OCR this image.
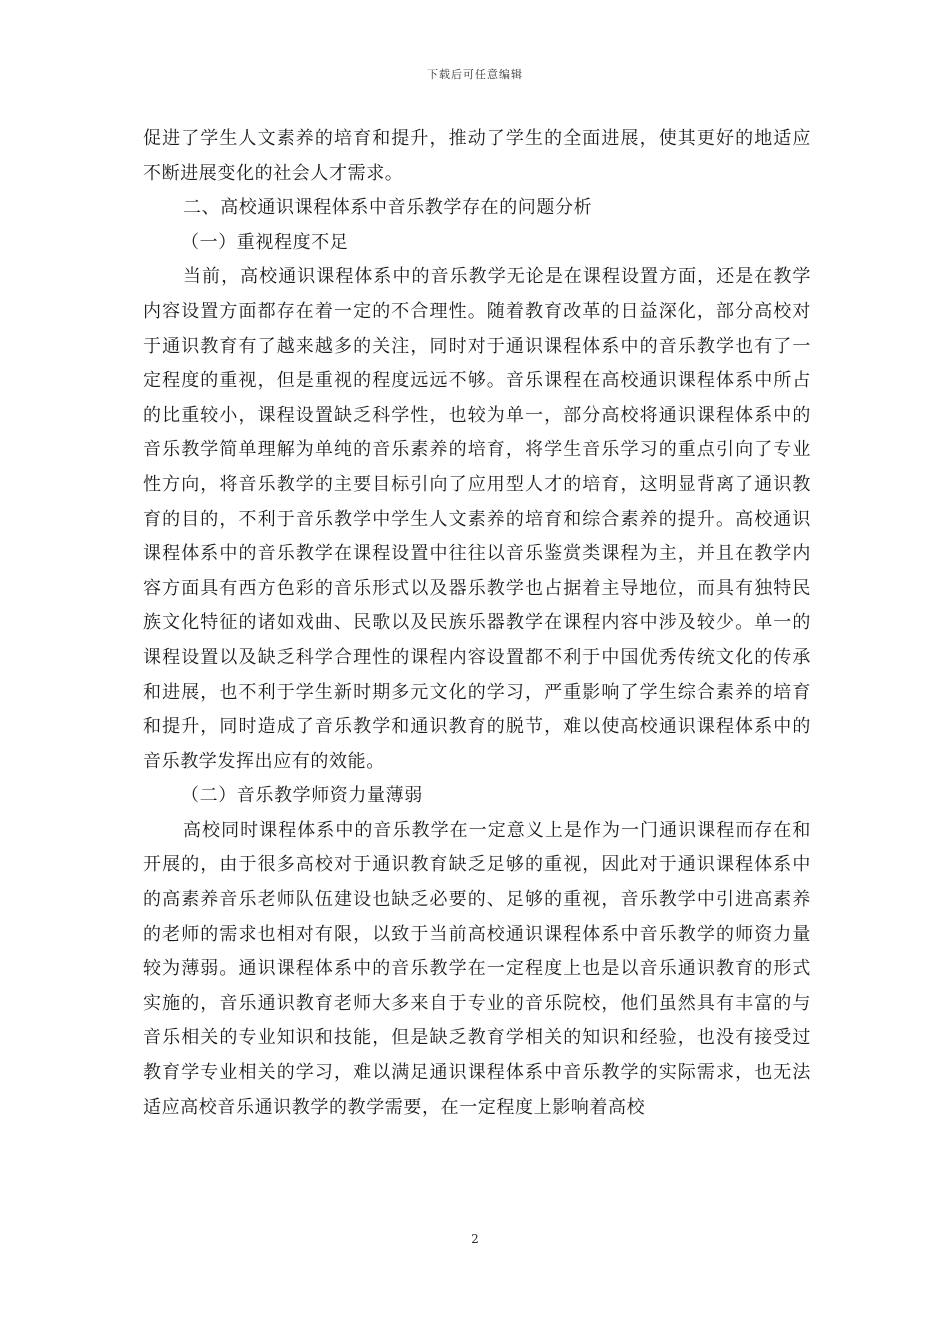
下载后可任意编辑

促进了学生人文素养的培育和提升，推动了学生的全面进展，使其更好的地适应不断进展变化的社会人才需求。

二、高校通识课程体系中音乐教学存在的问题分析

（一）重视程度不足

当前，高校通识课程体系中的音乐教学无论是在课程设置方面，还是在教学内容设置方面都存在着一定的不合理性。随着教育改革的日益深化，部分高校对于通识教育有了越来越多的关注，同时对于通识课程体系中的音乐教学也有了一定程度的重视，但是重视的程度远远不够。音乐课程在高校通识课程体系中所占的比重较小，课程设置缺乏科学性，也较为单一，部分高校将通识课程体系中的音乐教学简单理解为单纯的音乐素养的培育，将学生音乐学习的重点引向了专业性方向，将音乐教学的主要目标引向了应用型人才的培育，这明显背离了通识教育的目的，不利于音乐教学中学生人文素养的培育和综合素养的提升。高校通识课程体系中的音乐教学在课程设置中往往以音乐鉴赏类课程为主，并且在教学内容方面具有西方色彩的音乐形式以及器乐教学也占据着主导地位，而具有独特民族文化特征的诸如戏曲、民歌以及民族乐器教学在课程内容中涉及较少。单一的课程设置以及缺乏科学合理性的课程内容设置都不利于中国优秀传统文化的传承和进展，也不利于学生新时期多元文化的学习，严重影响了学生综合素养的培育和提升，同时造成了音乐教学和通识教育的脱节，难以使高校通识课程体系中的音乐教学发挥出应有的效能。

（二）音乐教学师资力量薄弱

高校同时课程体系中的音乐教学在一定意义上是作为一门通识课程而存在和开展的，由于很多高校对于通识教育缺乏足够的重视，因此对于通识课程体系中的高素养音乐老师队伍建设也缺乏必要的、足够的重视，音乐教学中引进高素养的老师的需求也相对有限，以致于当前高校通识课程体系中音乐教学的师资力量较为薄弱。通识课程体系中的音乐教学在一定程度上也是以音乐通识教育的形式实施的，音乐通识教育老师大多来自于专业的音乐院校，他们虽然具有丰富的与音乐相关的专业知识和技能，但是缺乏教育学相关的知识和经验，也没有接受过教育学专业相关的学习，难以满足通识课程体系中音乐教学的实际需求，也无法适应高校音乐通识教学的教学需要，在一定程度上影响着高校

2
